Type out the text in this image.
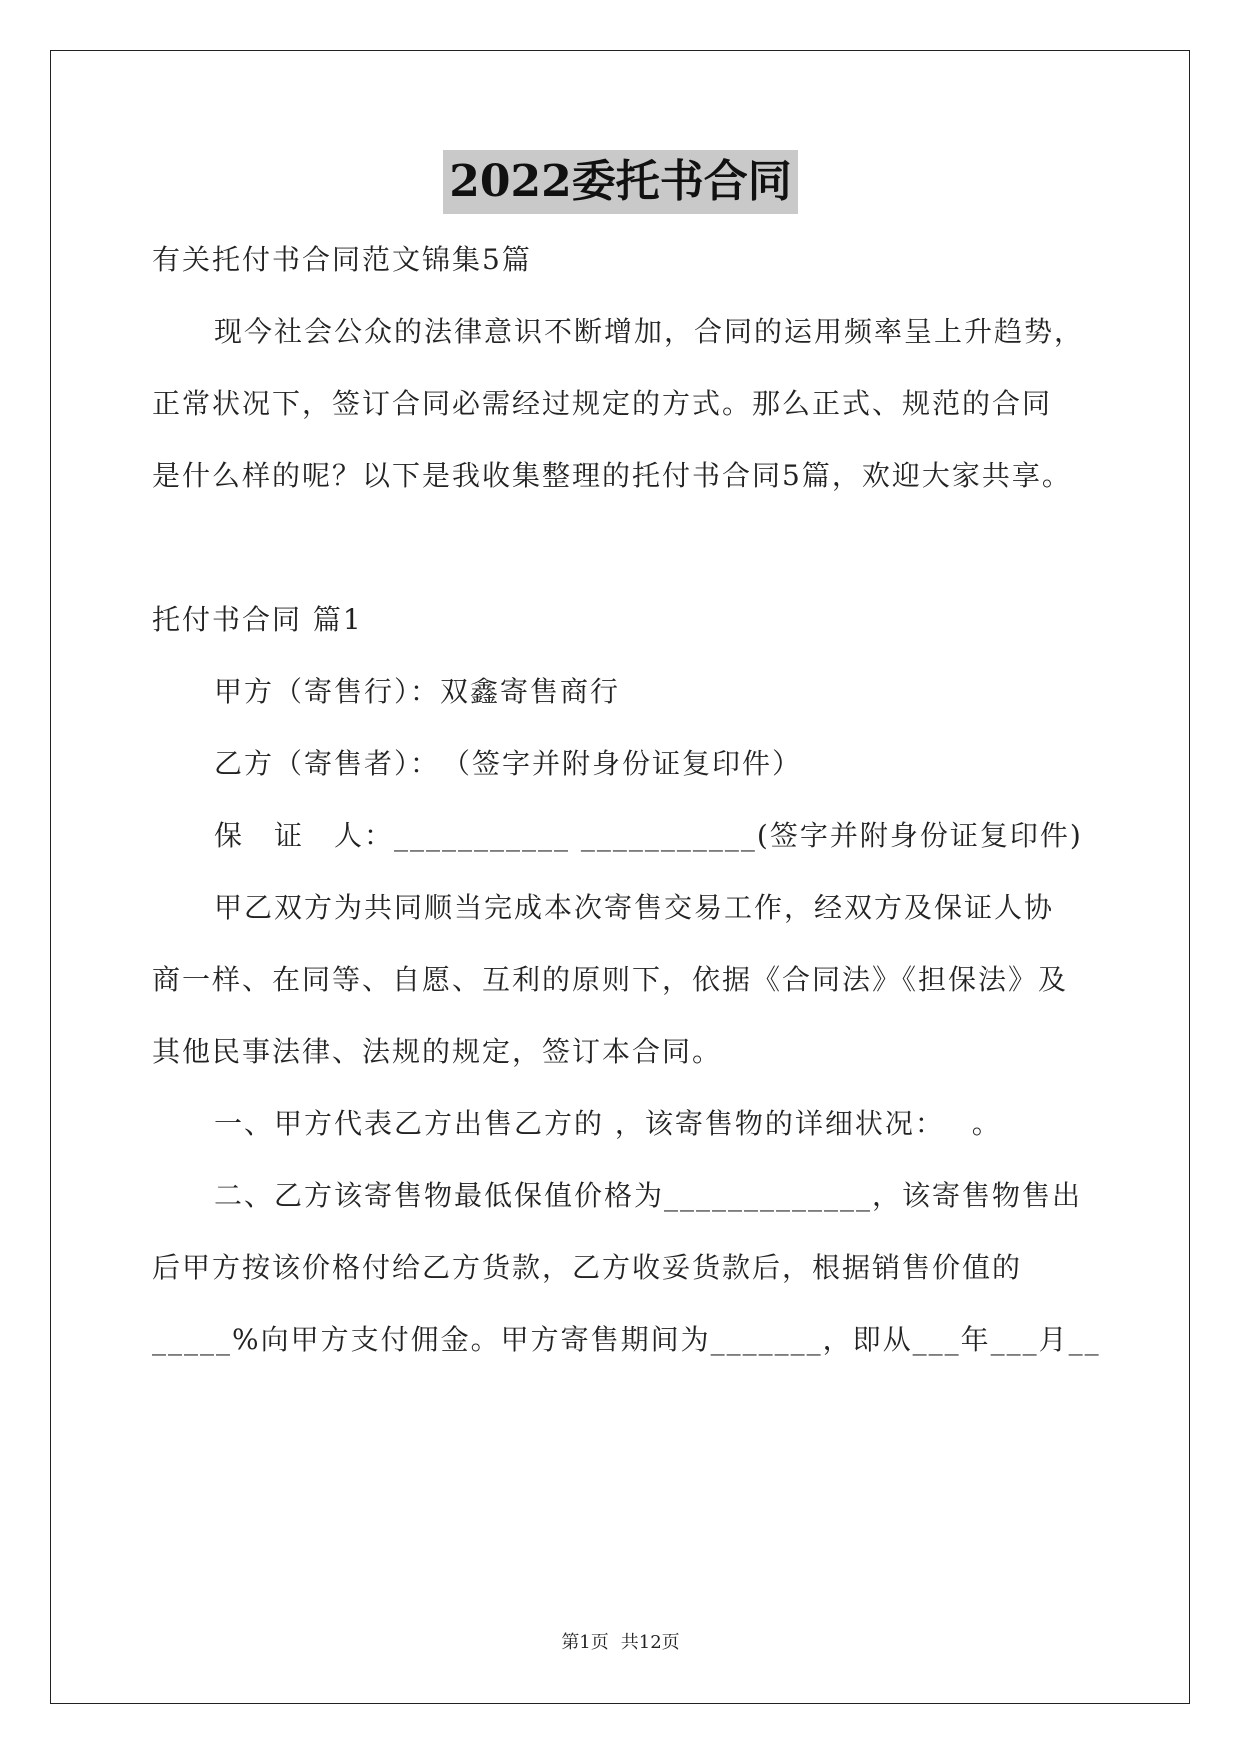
2022委托书合同
有关托付书合同范文锦集5篇
现今社会公众的法律意识不断增加，合同的运用频率呈上升趋势，
正常状况下，签订合同必需经过规定的方式。那么正式、规范的合同
是什么样的呢？以下是我收集整理的托付书合同5篇，欢迎大家共享。
托付书合同 篇1
甲方（寄售行）：双鑫寄售商行
乙方（寄售者）：　（签字并附身份证复印件）
保　证　人：___________ ___________(签字并附身份证复印件)
甲乙双方为共同顺当完成本次寄售交易工作，经双方及保证人协
商一样、在同等、自愿、互利的原则下，依据《合同法》《担保法》及
其他民事法律、法规的规定，签订本合同。
一、甲方代表乙方出售乙方的 ，该寄售物的详细状况：　 。
二、乙方该寄售物最低保值价格为_____________，该寄售物售出
后甲方按该价格付给乙方货款，乙方收妥货款后，根据销售价值的
_____%向甲方支付佣金。甲方寄售期间为_______，即从___年___月__
第1页 共12页
